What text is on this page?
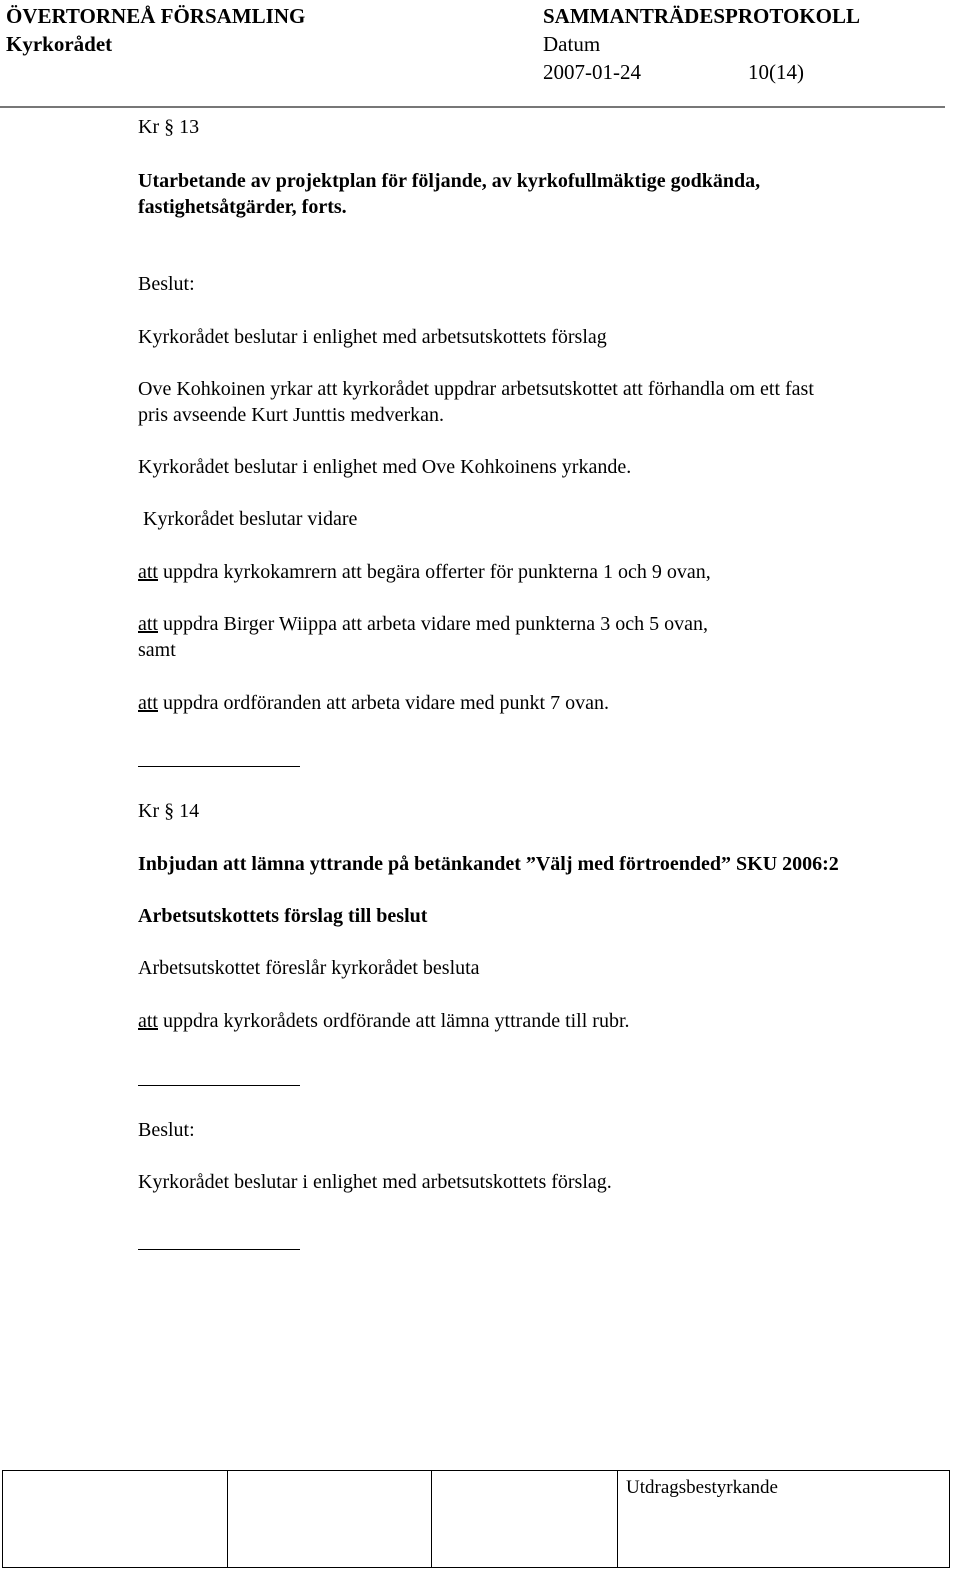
ÖVERTORNEÅ FÖRSAMLING
Kyrkorådet
SAMMANTRÄDESPROTOKOLL
Datum
2007-01-24	10(14)
Kr § 13
Utarbetande av projektplan för följande, av kyrkofullmäktige godkända,
fastighetsåtgärder, forts.
Beslut:
Kyrkorådet beslutar i enlighet med arbetsutskottets förslag
Ove Kohkoinen yrkar att kyrkorådet uppdrar arbetsutskottet att förhandla om ett fast
pris avseende Kurt Junttis medverkan.
Kyrkorådet beslutar i enlighet med Ove Kohkoinens yrkande.
Kyrkorådet beslutar vidare
att uppdra kyrkokamrern att begära offerter för punkterna 1 och 9 ovan,
att uppdra Birger Wiippa att arbeta vidare med punkterna 3 och 5 ovan,
samt
att uppdra ordföranden att arbeta vidare med punkt 7 ovan.
Kr § 14
Inbjudan att lämna yttrande på betänkandet ”Välj med förtroended” SKU 2006:2
Arbetsutskottets förslag till beslut
Arbetsutskottet föreslår kyrkorådet besluta
att uppdra kyrkorådets ordförande att lämna yttrande till rubr.
Beslut:
Kyrkorådet beslutar i enlighet med arbetsutskottets förslag.
Utdragsbestyrkande
